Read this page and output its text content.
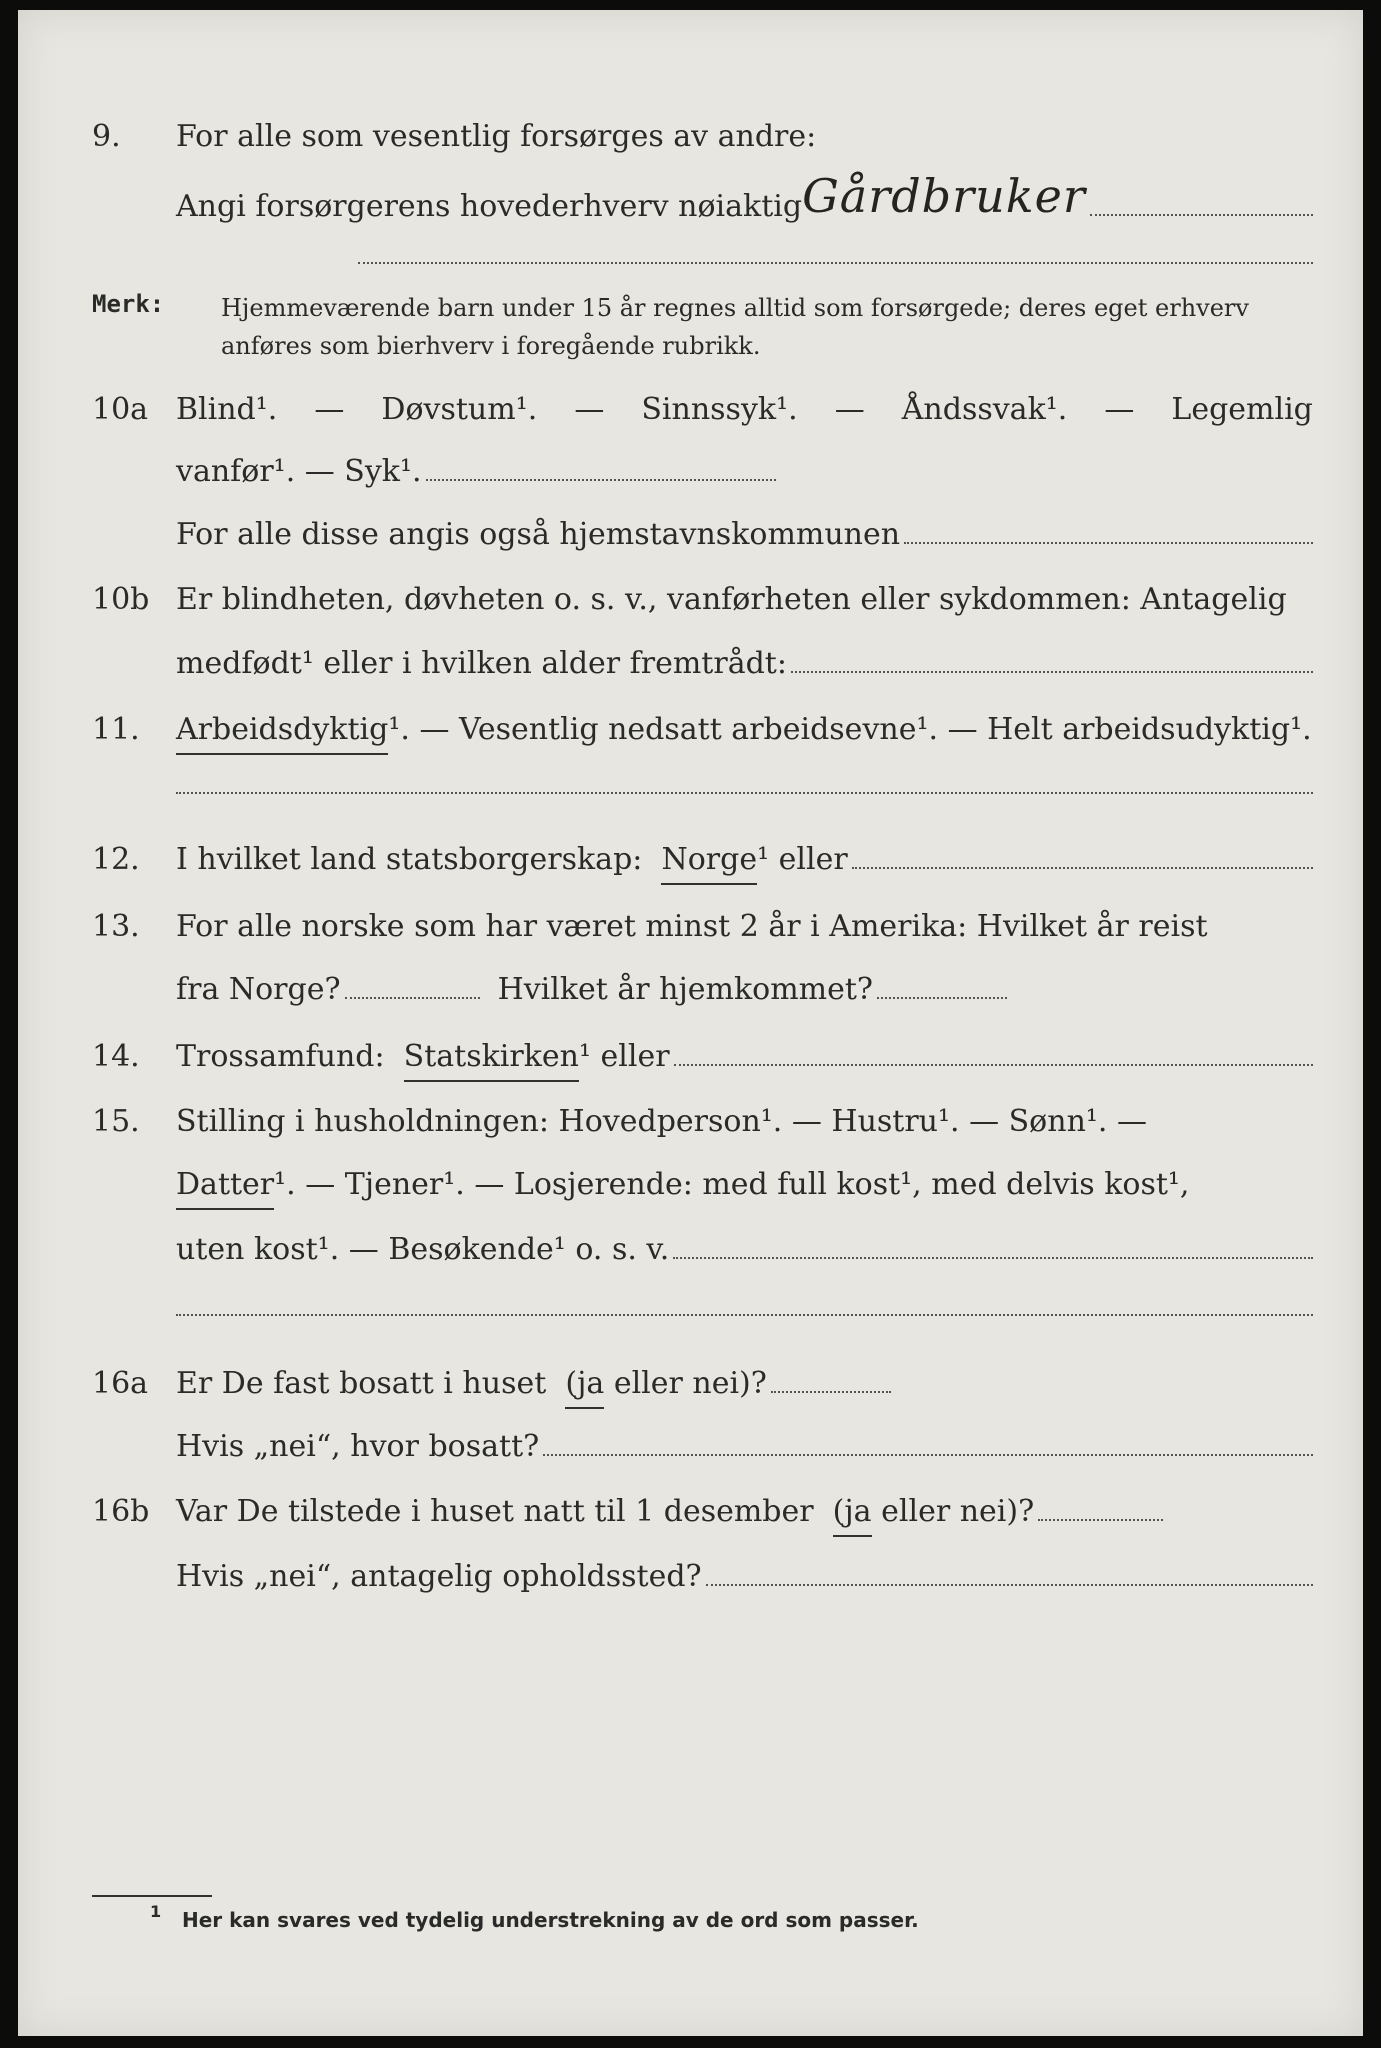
9. For alle som vesentlig forsørges av andre:
Angi forsørgerens hovederhverv nøiaktig Gårdbruker
Merk: Hjemmeværende barn under 15 år regnes alltid som forsørgede; deres eget erhverv
anføres som bierhverv i foregående rubrikk.
10a Blind¹. — Døvstum¹. — Sinnssyk¹. — Åndssvak¹. — Legemlig
vanfør¹. — Syk¹.
For alle disse angis også hjemstavnskommunen
10b Er blindheten, døvheten o. s. v., vanførheten eller sykdommen: Antagelig
medfødt¹ eller i hvilken alder fremtrådt:
11. Arbeidsdyktig ¹. — Vesentlig nedsatt arbeidsevne¹. — Helt arbeidsudyktig¹.
12. I hvilket land statsborgerskap:
Norge ¹ eller
13. For alle norske som har været minst 2 år i Amerika: Hvilket år reist
fra Norge?	Hvilket år hjemkommet?
14. Trossamfund:
Statskirken ¹ eller
15. Stilling i husholdningen: Hovedperson¹. — Hustru¹. — Sønn¹. —
Datter ¹. — Tjener¹. — Losjerende: med full kost¹, med delvis kost¹,
uten kost¹. — Besøkende¹ o. s. v.
16a Er De fast bosatt i huset
(ja
eller nei)?
Hvis „nei“, hvor bosatt?
16b Var De tilstede i huset natt til 1 desember
(ja
eller nei)?
Hvis „nei“, antagelig opholdssted?
1 Her kan svares ved tydelig understrekning av de ord som passer.
